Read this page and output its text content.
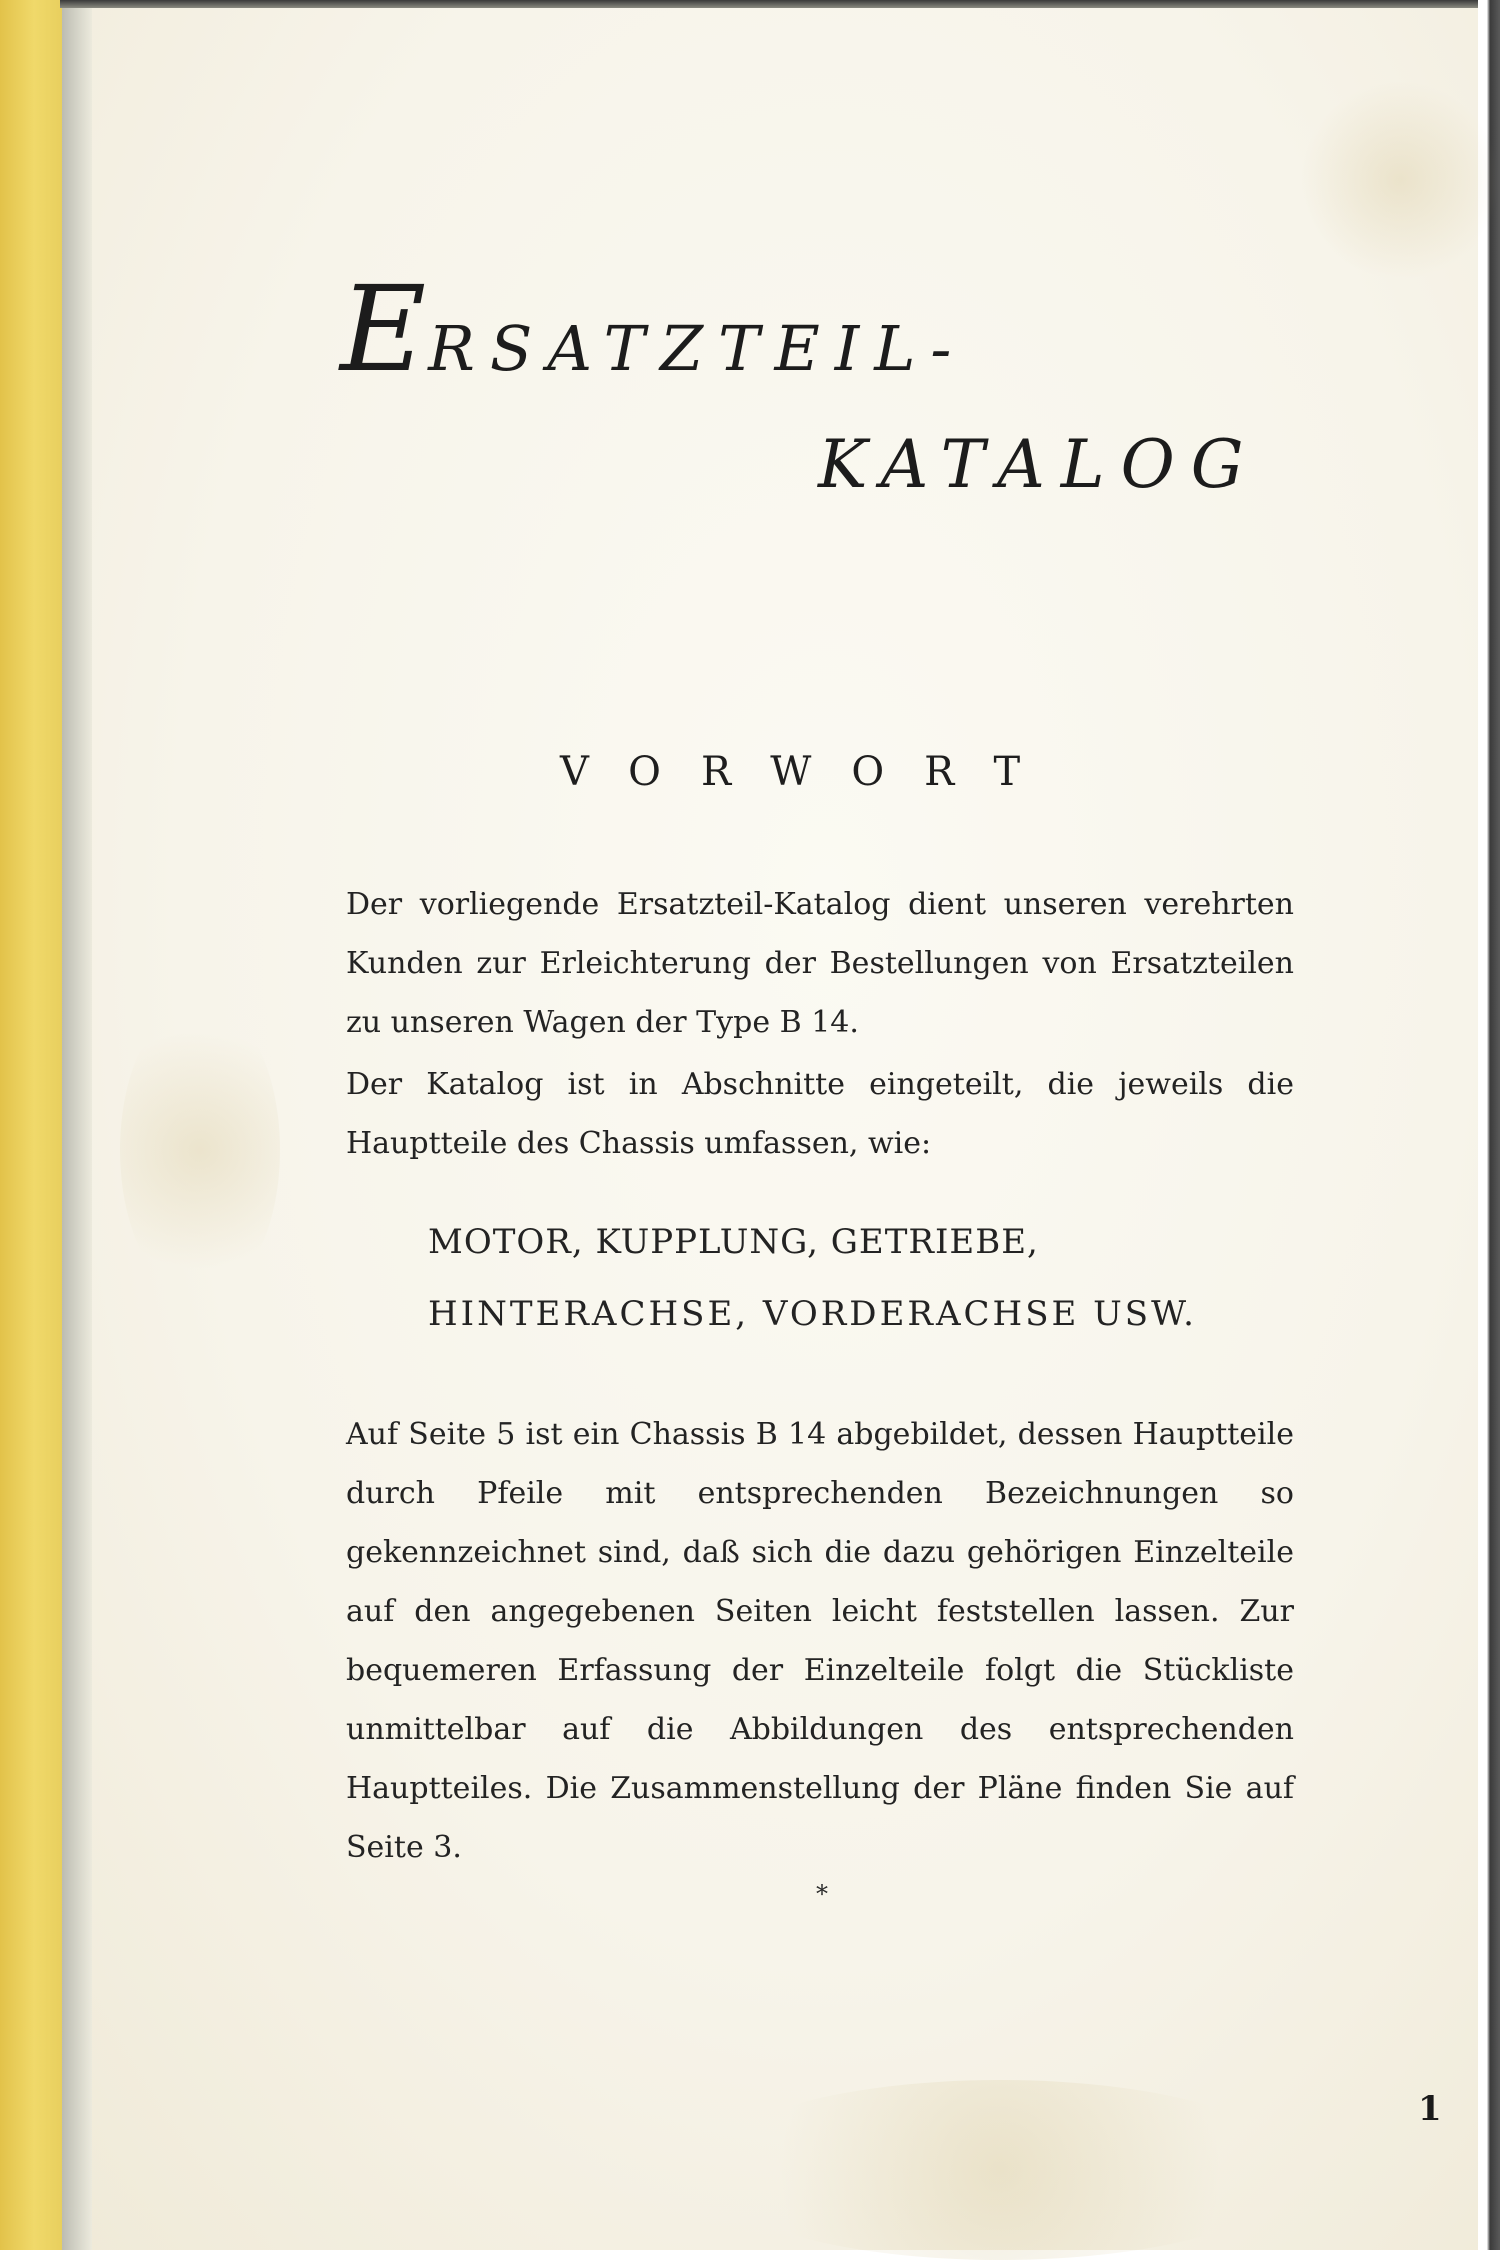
ERSATZTEIL-
KATALOG
VORWORT
Der vorliegende Ersatzteil-Katalog dient unseren verehrten Kunden zur Erleichterung der Bestellungen von Ersatzteilen zu unseren Wagen der Type B 14.
Der Katalog ist in Abschnitte eingeteilt, die jeweils die Hauptteile des Chassis umfassen, wie:
MOTOR, KUPPLUNG, GETRIEBE,
HINTERACHSE, VORDERACHSE USW.
Auf Seite 5 ist ein Chassis B 14 abgebildet, dessen Hauptteile durch Pfeile mit entsprechenden Bezeichnungen so gekennzeichnet sind, daß sich die dazu gehörigen Einzelteile auf den angegebenen Seiten leicht feststellen lassen. Zur bequemeren Erfassung der Einzelteile folgt die Stückliste unmittelbar auf die Abbildungen des entsprechenden Hauptteiles. Die Zusammenstellung der Pläne finden Sie auf Seite 3.
*
1
